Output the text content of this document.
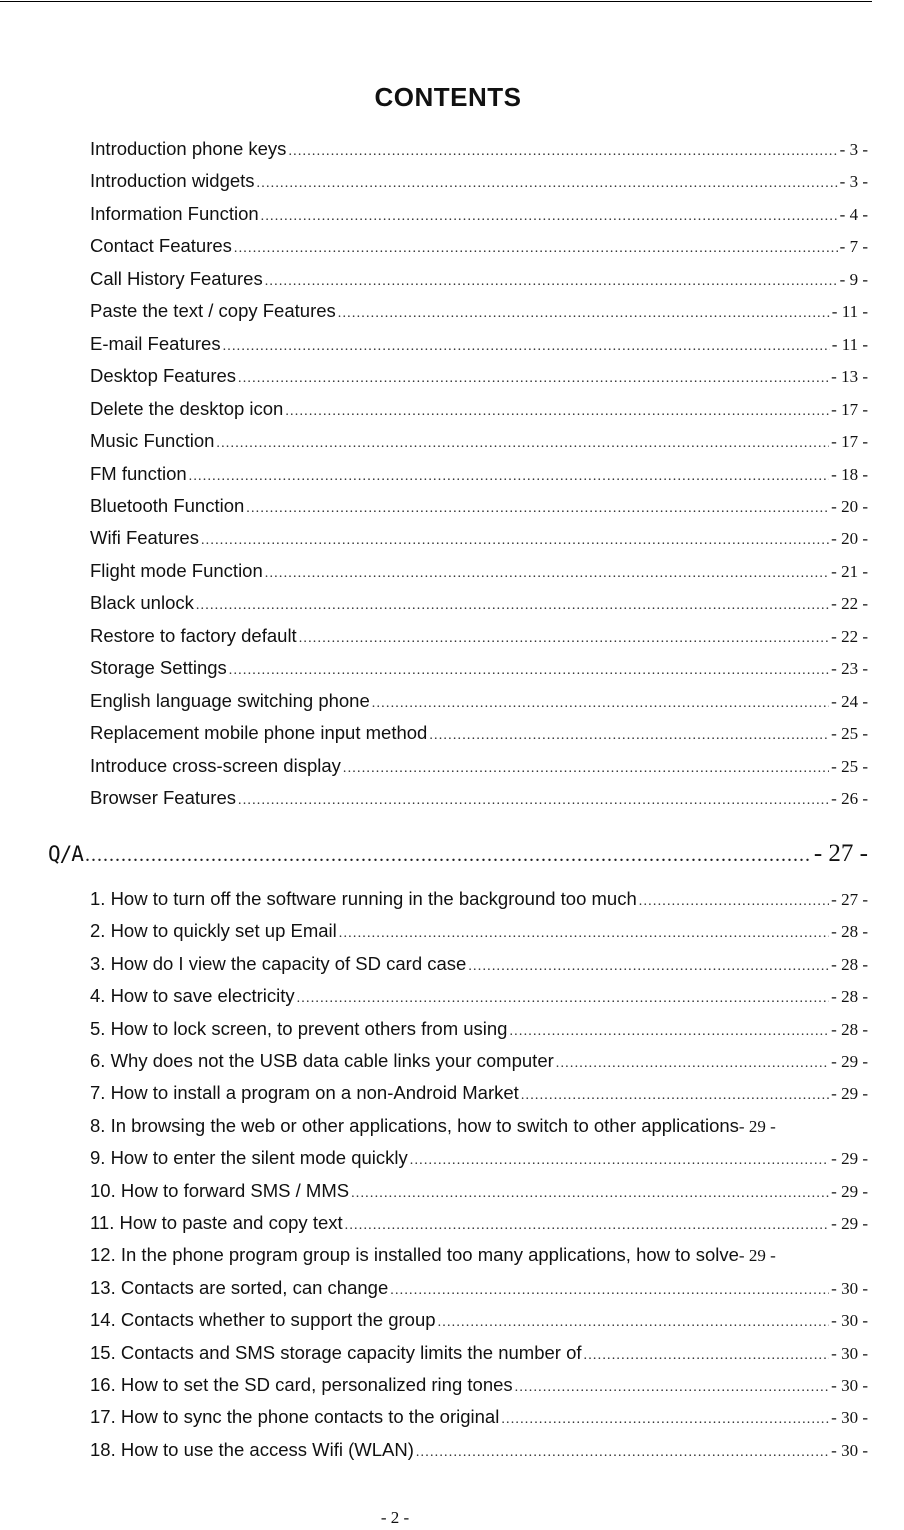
CONTENTS
Introduction phone keys .....	- 3 -
Introduction widgets .....	- 3 -
Information Function .....	- 4 -
Contact Features .....	- 7 -
Call History Features .....	- 9 -
Paste the text / copy Features .....	- 11 -
E-mail Features .....	- 11 -
Desktop Features .....	- 13 -
Delete the desktop icon .....	- 17 -
Music Function .....	- 17 -
FM function .....	- 18 -
Bluetooth Function .....	- 20 -
Wifi Features .....	- 20 -
Flight mode Function .....	- 21 -
Black unlock .....	- 22 -
Restore to factory default .....	- 22 -
Storage Settings .....	- 23 -
English language switching phone .....	- 24 -
Replacement mobile phone input method .....	- 25 -
Introduce cross-screen display .....	- 25 -
Browser Features .....	- 26 -
Q/A .....	- 27 -
1. How to turn off the software running in the background too much .....	- 27 -
2. How to quickly set up Email .....	- 28 -
3. How do I view the capacity of SD card case .....	- 28 -
4. How to save electricity .....	- 28 -
5. How to lock screen, to prevent others from using .....	- 28 -
6. Why does not the USB data cable links your computer .....	- 29 -
7. How to install a program on a non-Android Market .....	- 29 -
8. In browsing the web or other applications, how to switch to other applications - 29 -
9. How to enter the silent mode quickly .....	- 29 -
10. How to forward SMS / MMS .....	- 29 -
11. How to paste and copy text .....	- 29 -
12. In the phone program group is installed too many applications, how to solve - 29 -
13. Contacts are sorted, can change .....	- 30 -
14. Contacts whether to support the group .....	- 30 -
15. Contacts and SMS storage capacity limits the number of .....	- 30 -
16. How to set the SD card, personalized ring tones .....	- 30 -
17. How to sync the phone contacts to the original .....	- 30 -
18. How to use the access Wifi (WLAN) .....	- 30 -
- 2 -
